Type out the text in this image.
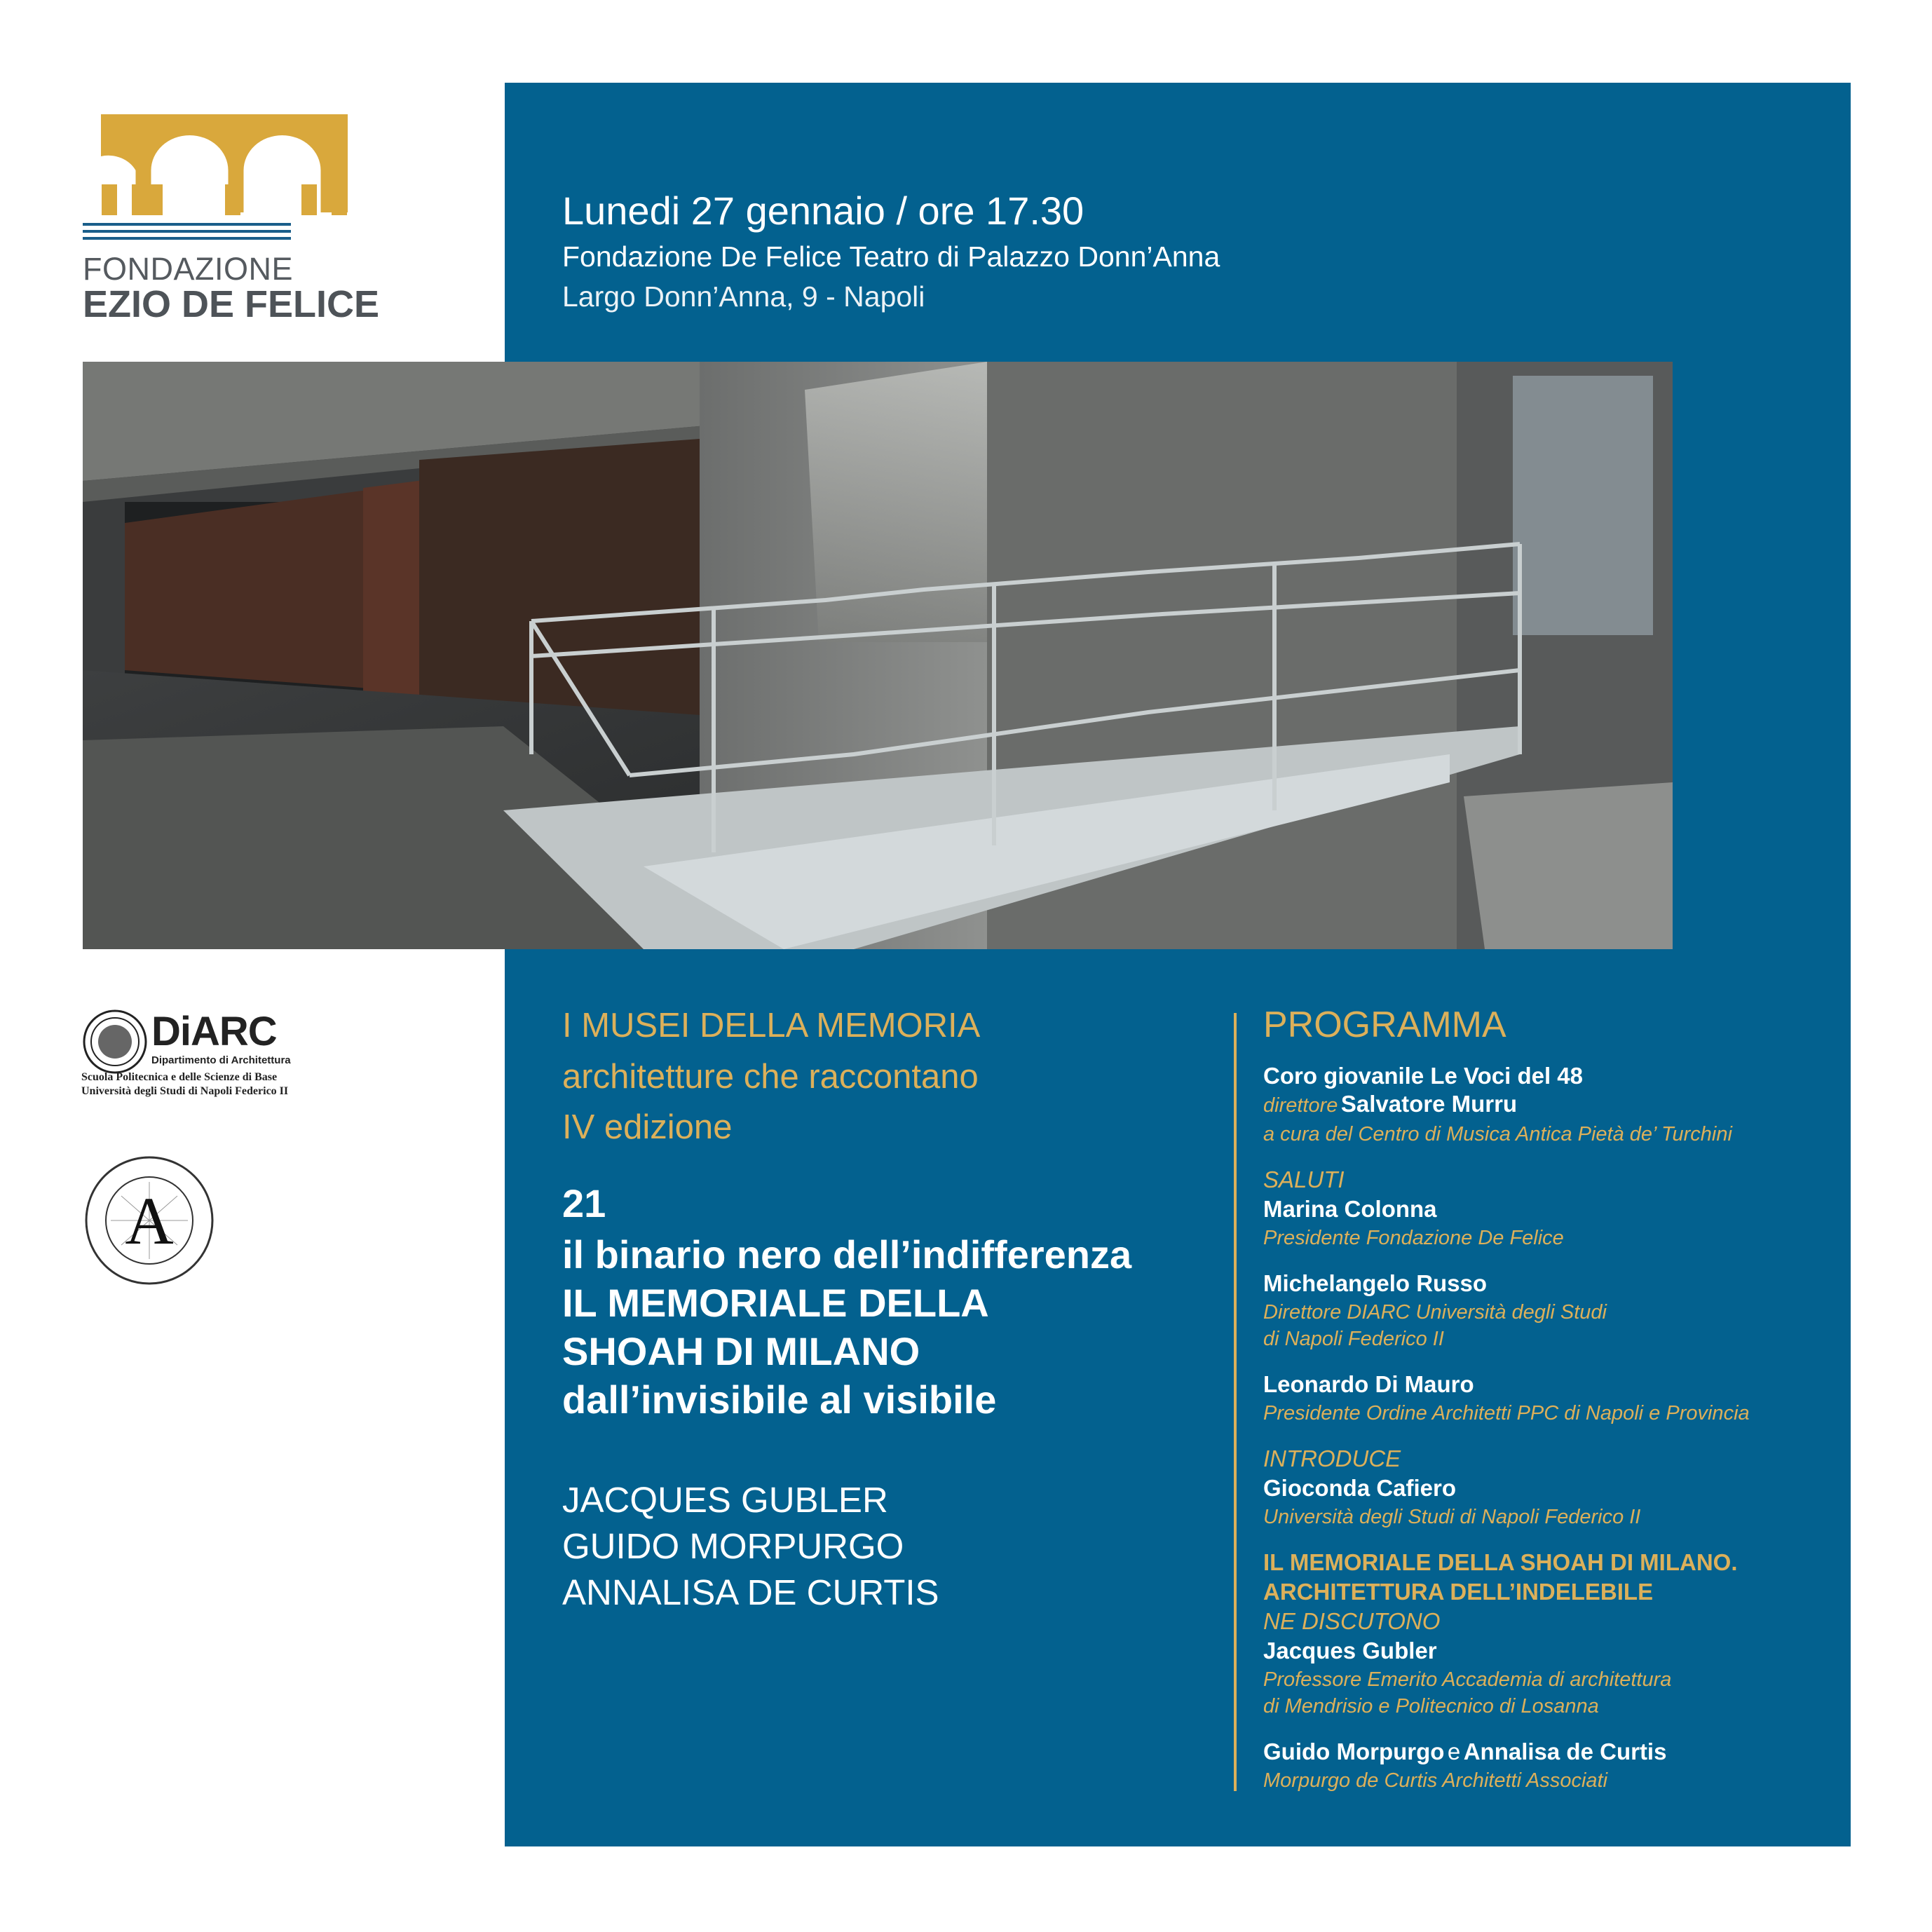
FONDAZIONE
EZIO DE FELICE
Lunedi 27 gennaio / ore 17.30
Fondazione De Felice Teatro di Palazzo Donn’Anna
Largo Donn’Anna, 9 - Napoli
DiARC
Dipartimento di Architettura
Scuola Politecnica e delle Scienze di Base
Università degli Studi di Napoli Federico II
A
I MUSEI DELLA MEMORIA
architetture che raccontano
IV edizione
21
il binario nero dell’indifferenza
IL MEMORIALE DELLA
SHOAH DI MILANO
dall’invisibile al visibile
JACQUES GUBLER
GUIDO MORPURGO
ANNALISA DE CURTIS
PROGRAMMA
Coro giovanile Le Voci del 48
direttore Salvatore Murru
a cura del Centro di Musica Antica Pietà de’ Turchini
SALUTI
Marina Colonna
Presidente Fondazione De Felice
Michelangelo Russo
Direttore DIARC Università degli Studi
di Napoli Federico II
Leonardo Di Mauro
Presidente Ordine Architetti PPC di Napoli e Provincia
INTRODUCE
Gioconda Cafiero
Università degli Studi di Napoli Federico II
IL MEMORIALE DELLA SHOAH DI MILANO.
ARCHITETTURA DELL’INDELEBILE
NE DISCUTONO
Jacques Gubler
Professore Emerito Accademia di architettura
di Mendrisio e Politecnico di Losanna
Guido Morpurgo e Annalisa de Curtis
Morpurgo de Curtis Architetti Associati
